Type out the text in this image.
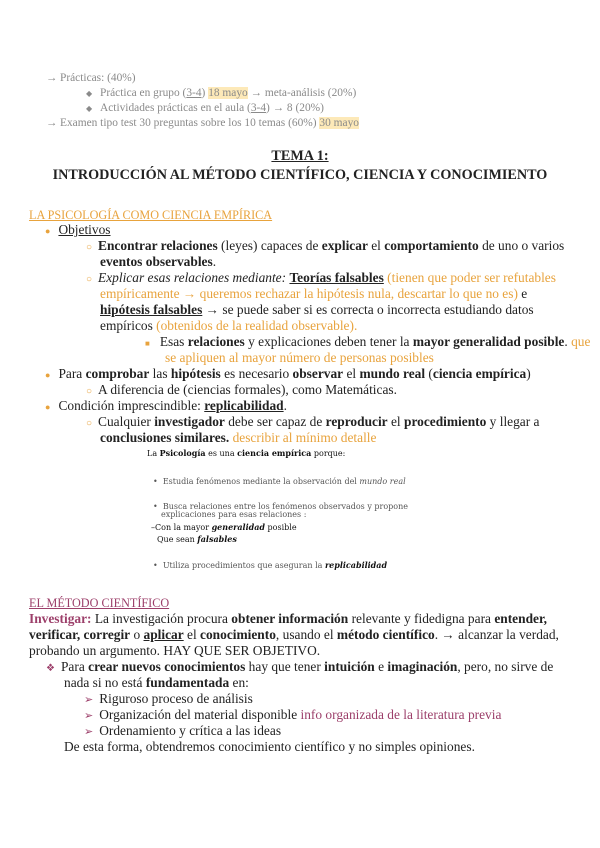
→ Prácticas: (40%)
◆ Práctica en grupo (3-4) 18 mayo → meta-análisis (20%)
◆ Actividades prácticas en el aula (3-4) → 8 (20%)
→ Examen tipo test 30 preguntas sobre los 10 temas (60%) 30 mayo
TEMA 1:
INTRODUCCIÓN AL MÉTODO CIENTÍFICO, CIENCIA Y CONOCIMIENTO
LA PSICOLOGÍA COMO CIENCIA EMPÍRICA
● Objetivos
○ Encontrar relaciones (leyes) capaces de explicar el comportamiento de uno o varios
eventos observables.
○ Explicar esas relaciones mediante: Teorías falsables (tienen que poder ser refutables
empíricamente → queremos rechazar la hipótesis nula, descartar lo que no es) e
hipótesis falsables → se puede saber si es correcta o incorrecta estudiando datos
empíricos (obtenidos de la realidad observable).
■ Esas relaciones y explicaciones deben tener la mayor generalidad posible. que
se apliquen al mayor número de personas posibles
● Para comprobar las hipótesis es necesario observar el mundo real (ciencia empírica)
○ A diferencia de (ciencias formales), como Matemáticas.
● Condición imprescindible: replicabilidad.
○ Cualquier investigador debe ser capaz de reproducir el procedimiento y llegar a
conclusiones similares. describir al mínimo detalle
La Psicología es una ciencia empírica porque:
•  Estudia fenómenos mediante la observación del mundo real
•  Busca relaciones entre los fenómenos observados y propone
explicaciones para esas relaciones :
–Con la mayor generalidad posible
Que sean falsables
•  Utiliza procedimientos que aseguran la replicabilidad
EL MÉTODO CIENTÍFICO
Investigar: La investigación procura obtener información relevante y fidedigna para entender,
verificar, corregir o aplicar el conocimiento, usando el método científico. → alcanzar la verdad,
probando un argumento. HAY QUE SER OBJETIVO.
❖ Para crear nuevos conocimientos hay que tener intuición e imaginación, pero, no sirve de
nada si no está fundamentada en:
➢ Riguroso proceso de análisis
➢ Organización del material disponible info organizada de la literatura previa
➢ Ordenamiento y crítica a las ideas
De esta forma, obtendremos conocimiento científico y no simples opiniones.
